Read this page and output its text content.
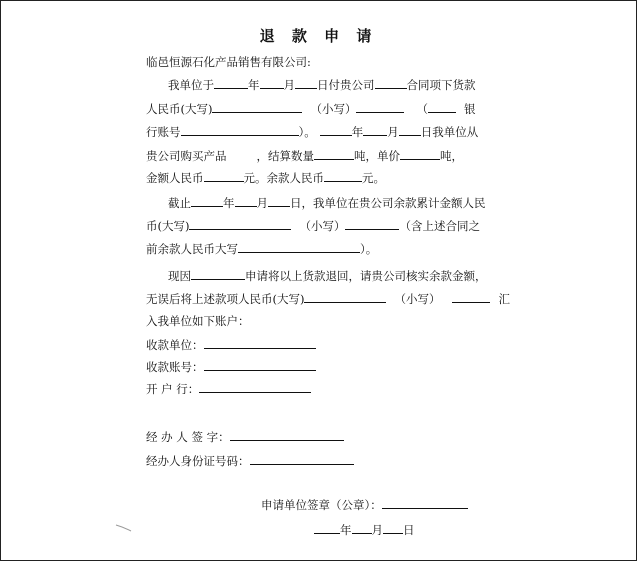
退 款 申 请
临邑恒源石化产品销售有限公司:
我单位于	年 月 日付贵公司	合同项下货款
人民币(大写)	（小写）	（	银
行账号	）。	年 月 日我单位从
贵公司购买产品	，结算数量	吨，单价	吨，
金额人民币	元。余款人民币	元。
截止	年 月 日，我单位在贵公司余款累计金额人民
币(大写)	（小写）	（含上述合同之
前余款人民币大写	）。
现因	申请将以上货款退回，请贵公司核实余款金额，
无误后将上述款项人民币(大写)	（小写）	汇
入我单位如下账户：
收款单位：
收款账号：
开 户 行：
经 办 人 签 字：
经办人身份证号码：
申请单位签章（公章）：
年 月 日
